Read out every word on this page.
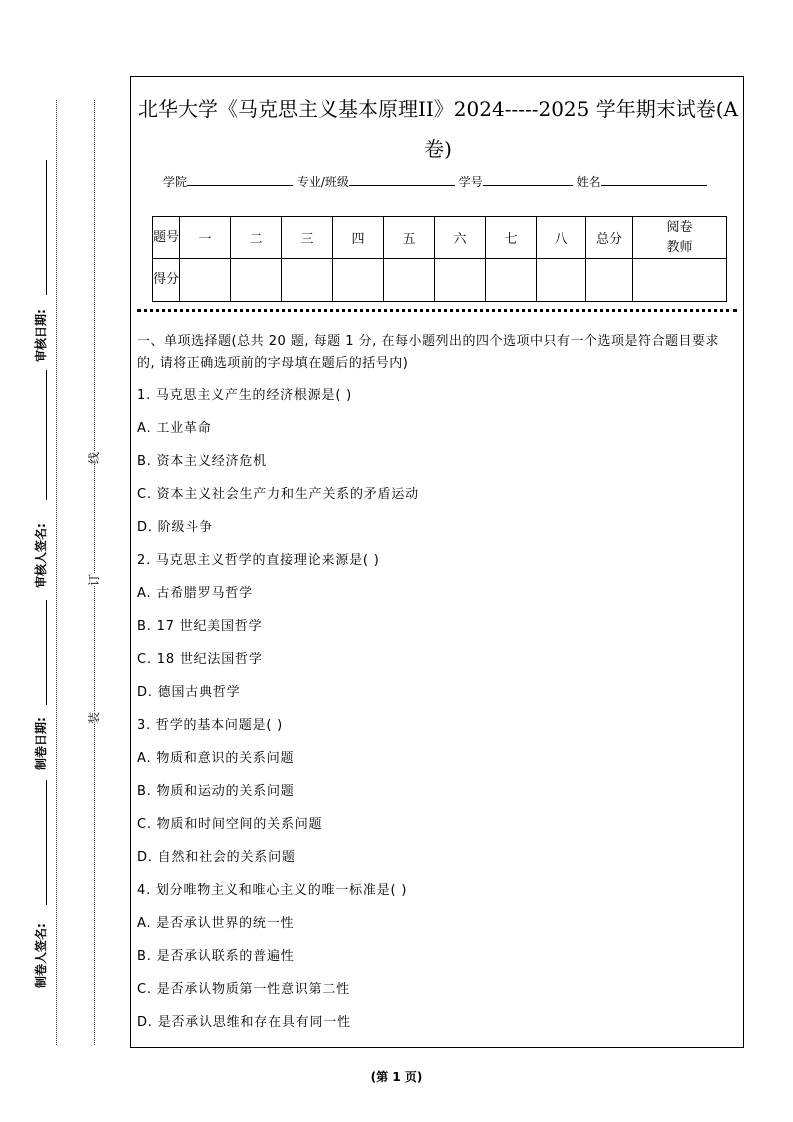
审核日期:
审核人签名:
制卷日期:
制卷人签名:
线
订
装
北华大学《马克思主义基本原理II》2024-----2025 学年期末试卷(A
卷)
学院	专业/班级	学号	姓名
题号	一	二	三	四	五	六	七	八	总分	阅卷教师
得分										
一、单项选择题(总共 20 题, 每题 1 分, 在每小题列出的四个选项中只有一个选项是符合题目要求的, 请将正确选项前的字母填在题后的括号内)
1. 马克思主义产生的经济根源是( )
A. 工业革命
B. 资本主义经济危机
C. 资本主义社会生产力和生产关系的矛盾运动
D. 阶级斗争
2. 马克思主义哲学的直接理论来源是( )
A. 古希腊罗马哲学
B. 17 世纪美国哲学
C. 18 世纪法国哲学
D. 德国古典哲学
3. 哲学的基本问题是( )
A. 物质和意识的关系问题
B. 物质和运动的关系问题
C. 物质和时间空间的关系问题
D. 自然和社会的关系问题
4. 划分唯物主义和唯心主义的唯一标准是( )
A. 是否承认世界的统一性
B. 是否承认联系的普遍性
C. 是否承认物质第一性意识第二性
D. 是否承认思维和存在具有同一性
(第 1 页)
